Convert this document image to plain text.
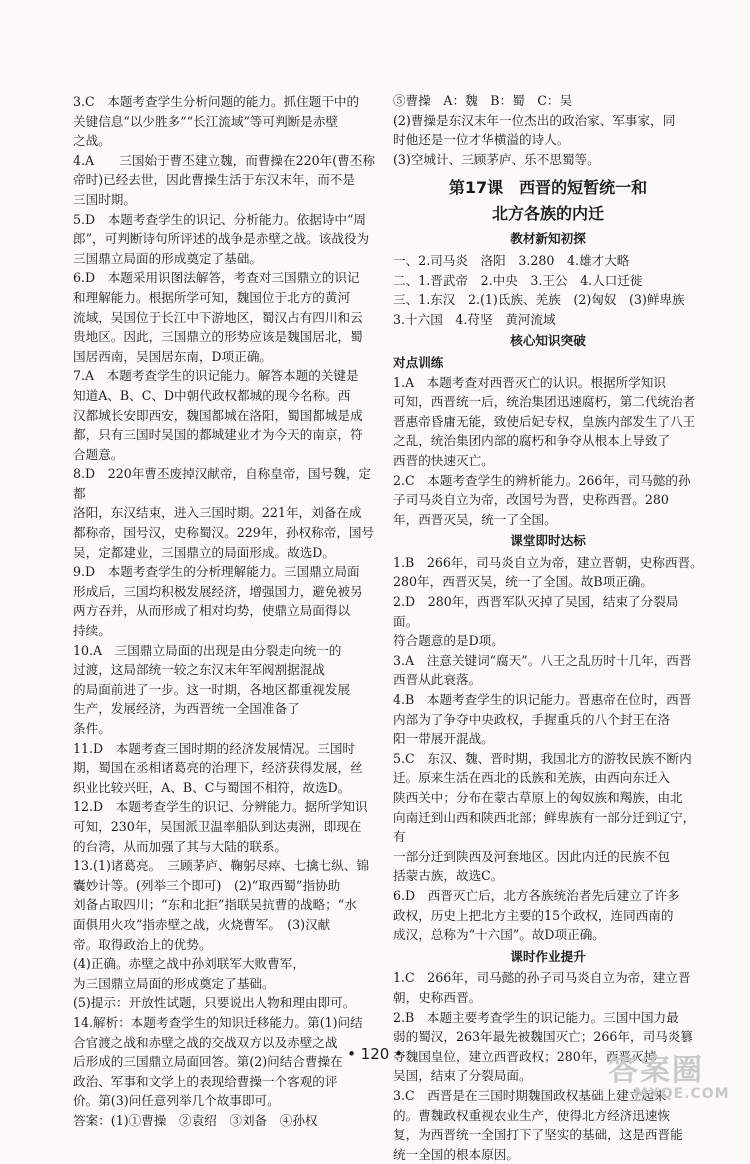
3.C　本题考查学生分析问题的能力。抓住题干中的
关键信息“以少胜多”“长江流域”等可判断是赤壁
之战。
4.A　　三国始于曹丕建立魏，而曹操在220年(曹丕称
帝时)已经去世，因此曹操生活于东汉末年，而不是
三国时期。
5.D　本题考查学生的识记、分析能力。依据诗中“周
郎”，可判断诗句所评述的战争是赤壁之战。该战役为
三国鼎立局面的形成奠定了基础。
6.D　本题采用识图法解答，考查对三国鼎立的识记
和理解能力。根据所学可知，魏国位于北方的黄河
流域，吴国位于长江中下游地区，蜀汉占有四川和云
贵地区。因此，三国鼎立的形势应该是魏国居北，蜀
国居西南，吴国居东南，D项正确。
7.A　本题考查学生的识记能力。解答本题的关键是
知道A、B、C、D中朝代政权都城的现今名称。西
汉都城长安即西安，魏国都城在洛阳，蜀国都城是成
都，只有三国时吴国的都城建业才为今天的南京，符
合题意。
8.D　220年曹丕废掉汉献帝，自称皇帝，国号魏，定都
洛阳，东汉结束，进入三国时期。221年，刘备在成
都称帝，国号汉，史称蜀汉。229年，孙权称帝，国号
吴，定都建业，三国鼎立的局面形成。故选D。
9.D　本题考查学生的分析理解能力。三国鼎立局面
形成后，三国均积极发展经济，增强国力，避免被另
两方吞并，从而形成了相对均势，使鼎立局面得以
持续。
10.A　三国鼎立局面的出现是由分裂走向统一的
过渡，这局部统一较之东汉末年军阀割据混战
的局面前进了一步。这一时期，各地区都重视发展
生产，发展经济，为西晋统一全国准备了
条件。
11.D　本题考查三国时期的经济发展情况。三国时
期，蜀国在丞相诸葛亮的治理下，经济获得发展，丝
织业比较兴旺，A、B、C与蜀国不相符，故选D。
12.D　本题考查学生的识记、分辨能力。据所学知识
可知，230年，吴国派卫温率船队到达夷洲，即现在
的台湾，从而加强了其与大陆的联系。
13.(1)诸葛亮。　三顾茅庐、鞠躬尽瘁、七擒七纵、锦
囊妙计等。(列举三个即可)　(2)“取西蜀”指协助
刘备占取四川；“东和北拒”指联吴抗曹的战略；“水
面俱用火攻”指赤壁之战，火烧曹军。　(3)汉献
帝。取得政治上的优势。
(4)正确。赤壁之战中孙刘联军大败曹军，
为三国鼎立局面的形成奠定了基础。
(5)提示：开放性试题，只要说出人物和理由即可。
14.解析：本题考查学生的知识迁移能力。第(1)问结
合官渡之战和赤壁之战的交战双方以及赤壁之战
后形成的三国鼎立局面回答。第(2)问结合曹操在
政治、军事和文学上的表现给曹操一个客观的评
价。第(3)问任意列举几个故事即可。
答案：(1)①曹操　②袁绍　③刘备　④孙权
⑤曹操　A：魏　B：蜀　C：吴
(2)曹操是东汉末年一位杰出的政治家、军事家，同
时他还是一位才华横溢的诗人。
(3)空城计、三顾茅庐、乐不思蜀等。
第17课　西晋的短暂统一和
北方各族的内迁
教材新知初探
一、2.司马炎　洛阳　3.280　4.雄才大略
二、1.晋武帝　2.中央　3.王公　4.人口迁徙
三、1.东汉　2.(1)氐族、羌族　(2)匈奴　(3)鲜卑族
3.十六国　4.苻坚　黄河流域
核心知识突破
对点训练
1.A　本题考查对西晋灭亡的认识。根据所学知识
可知，西晋统一后，统治集团迅速腐朽，第二代统治者
晋惠帝昏庸无能，致使后妃专权，皇族内部发生了八王
之乱，统治集团内部的腐朽和争夺从根本上导致了
西晋的快速灭亡。
2.C　本题考查学生的辨析能力。266年，司马懿的孙
子司马炎自立为帝，改国号为晋，史称西晋。280
年，西晋灭吴，统一了全国。
课堂即时达标
1.B　266年，司马炎自立为帝，建立晋朝，史称西晋。
280年，西晋灭吴，统一了全国。故B项正确。
2.D　280年，西晋军队灭掉了吴国，结束了分裂局面。
符合题意的是D项。
3.A　注意关键词“腐天”。八王之乱历时十几年，西晋
西晋从此衰落。
4.B　本题考查学生的识记能力。晋惠帝在位时，西晋
内部为了争夺中央政权，手握重兵的八个封王在洛
阳一带展开混战。
5.C　东汉、魏、晋时期，我国北方的游牧民族不断内
迁。原来生活在西北的氐族和羌族，由西向东迁入
陕西关中；分布在蒙古草原上的匈奴族和羯族，由北
向南迁到山西和陕西北部；鲜卑族有一部分迁到辽宁，有
一部分迁到陕西及河套地区。因此内迁的民族不包
括蒙古族，故选C。
6.D　西晋灭亡后，北方各族统治者先后建立了许多
政权，历史上把北方主要的15个政权，连同西南的
成汉，总称为“十六国”。故D项正确。
课时作业提升
1.C　266年，司马懿的孙子司马炎自立为帝，建立晋
朝，史称西晋。
2.B　本题主要考查学生的识记能力。三国中国力最
弱的蜀汉，263年最先被魏国灭亡；266年，司马炎篡
夺魏国皇位，建立西晋政权；280年，西晋灭掉
吴国，结束了分裂局面。
3.C　西晋是在三国时期魏国政权基础上建立起来
的。曹魏政权重视农业生产，使得北方经济迅速恢
复，为西晋统一全国打下了坚实的基础，这是西晋能
统一全国的根本原因。
• 120 •	答案圈
MXQE.COM
